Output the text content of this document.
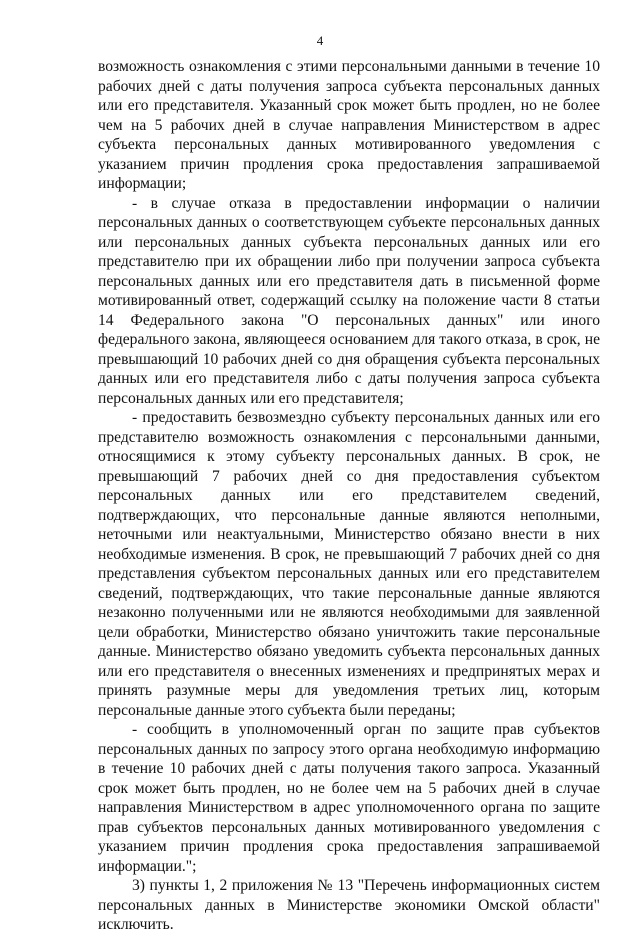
4

возможность ознакомления с этими персональными данными в течение 10 рабочих дней с даты получения запроса субъекта персональных данных или его представителя. Указанный срок может быть продлен, но не более чем на 5 рабочих дней в случае направления Министерством в адрес субъекта персональных данных мотивированного уведомления с указанием причин продления срока предоставления запрашиваемой информации;

- в случае отказа в предоставлении информации о наличии персональных данных о соответствующем субъекте персональных данных или персональных данных субъекта персональных данных или его представителю при их обращении либо при получении запроса субъекта персональных данных или его представителя дать в письменной форме мотивированный ответ, содержащий ссылку на положение части 8 статьи 14 Федерального закона "О персональных данных" или иного федерального закона, являющееся основанием для такого отказа, в срок, не превышающий 10 рабочих дней со дня обращения субъекта персональных данных или его представителя либо с даты получения запроса субъекта персональных данных или его представителя;

- предоставить безвозмездно субъекту персональных данных или его представителю возможность ознакомления с персональными данными, относящимися к этому субъекту персональных данных. В срок, не превышающий 7 рабочих дней со дня предоставления субъектом персональных данных или его представителем сведений, подтверждающих, что персональные данные являются неполными, неточными или неактуальными, Министерство обязано внести в них необходимые изменения. В срок, не превышающий 7 рабочих дней со дня представления субъектом персональных данных или его представителем сведений, подтверждающих, что такие персональные данные являются незаконно полученными или не являются необходимыми для заявленной цели обработки, Министерство обязано уничтожить такие персональные данные. Министерство обязано уведомить субъекта персональных данных или его представителя о внесенных изменениях и предпринятых мерах и принять разумные меры для уведомления третьих лиц, которым персональные данные этого субъекта были переданы;

- сообщить в уполномоченный орган по защите прав субъектов персональных данных по запросу этого органа необходимую информацию в течение 10 рабочих дней с даты получения такого запроса. Указанный срок может быть продлен, но не более чем на 5 рабочих дней в случае направления Министерством в адрес уполномоченного органа по защите прав субъектов персональных данных мотивированного уведомления с указанием причин продления срока предоставления запрашиваемой информации.";

3) пункты 1, 2 приложения № 13 "Перечень информационных систем персональных данных в Министерстве экономики Омской области" исключить.
